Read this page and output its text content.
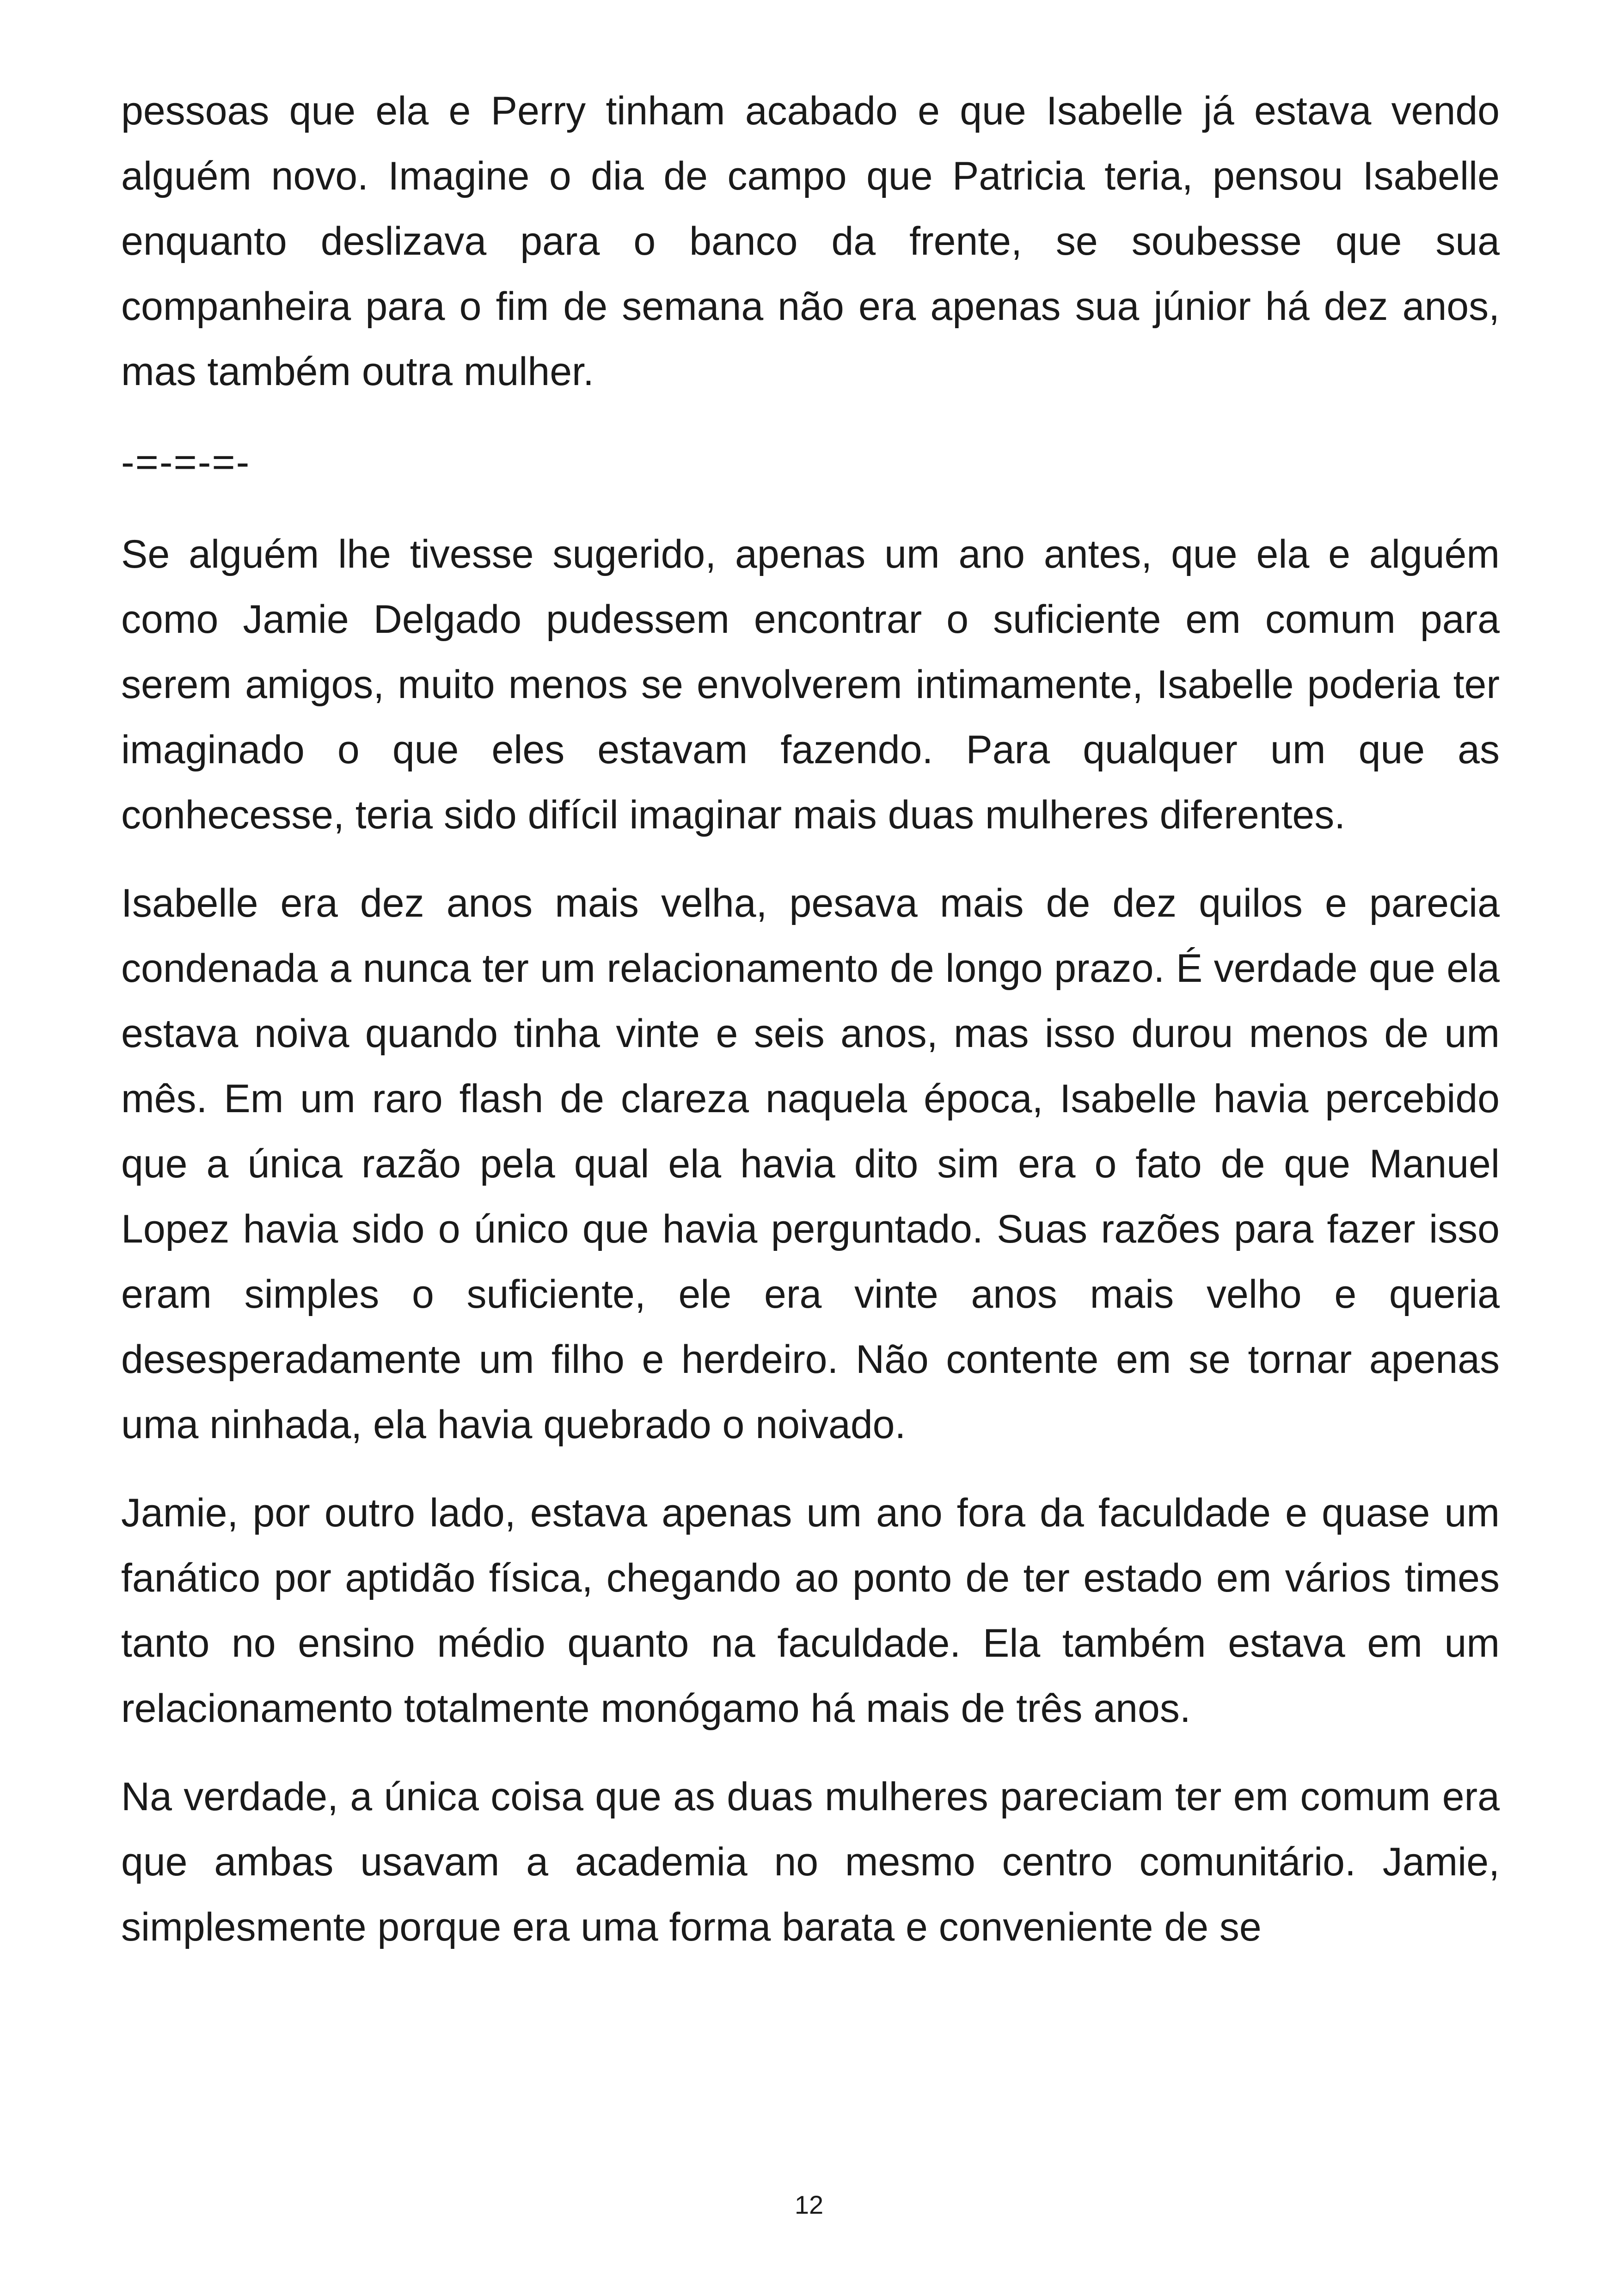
pessoas que ela e Perry tinham acabado e que Isabelle já estava vendo alguém novo. Imagine o dia de campo que Patricia teria, pensou Isabelle enquanto deslizava para o banco da frente, se soubesse que sua companheira para o fim de semana não era apenas sua júnior há dez anos, mas também outra mulher.

-=-=-=-

Se alguém lhe tivesse sugerido, apenas um ano antes, que ela e alguém como Jamie Delgado pudessem encontrar o suficiente em comum para serem amigos, muito menos se envolverem intimamente, Isabelle poderia ter imaginado o que eles estavam fazendo. Para qualquer um que as conhecesse, teria sido difícil imaginar mais duas mulheres diferentes.

Isabelle era dez anos mais velha, pesava mais de dez quilos e parecia condenada a nunca ter um relacionamento de longo prazo. É verdade que ela estava noiva quando tinha vinte e seis anos, mas isso durou menos de um mês. Em um raro flash de clareza naquela época, Isabelle havia percebido que a única razão pela qual ela havia dito sim era o fato de que Manuel Lopez havia sido o único que havia perguntado. Suas razões para fazer isso eram simples o suficiente, ele era vinte anos mais velho e queria desesperadamente um filho e herdeiro. Não contente em se tornar apenas uma ninhada, ela havia quebrado o noivado.

Jamie, por outro lado, estava apenas um ano fora da faculdade e quase um fanático por aptidão física, chegando ao ponto de ter estado em vários times tanto no ensino médio quanto na faculdade. Ela também estava em um relacionamento totalmente monógamo há mais de três anos.

Na verdade, a única coisa que as duas mulheres pareciam ter em comum era que ambas usavam a academia no mesmo centro comunitário. Jamie, simplesmente porque era uma forma barata e conveniente de se

12
